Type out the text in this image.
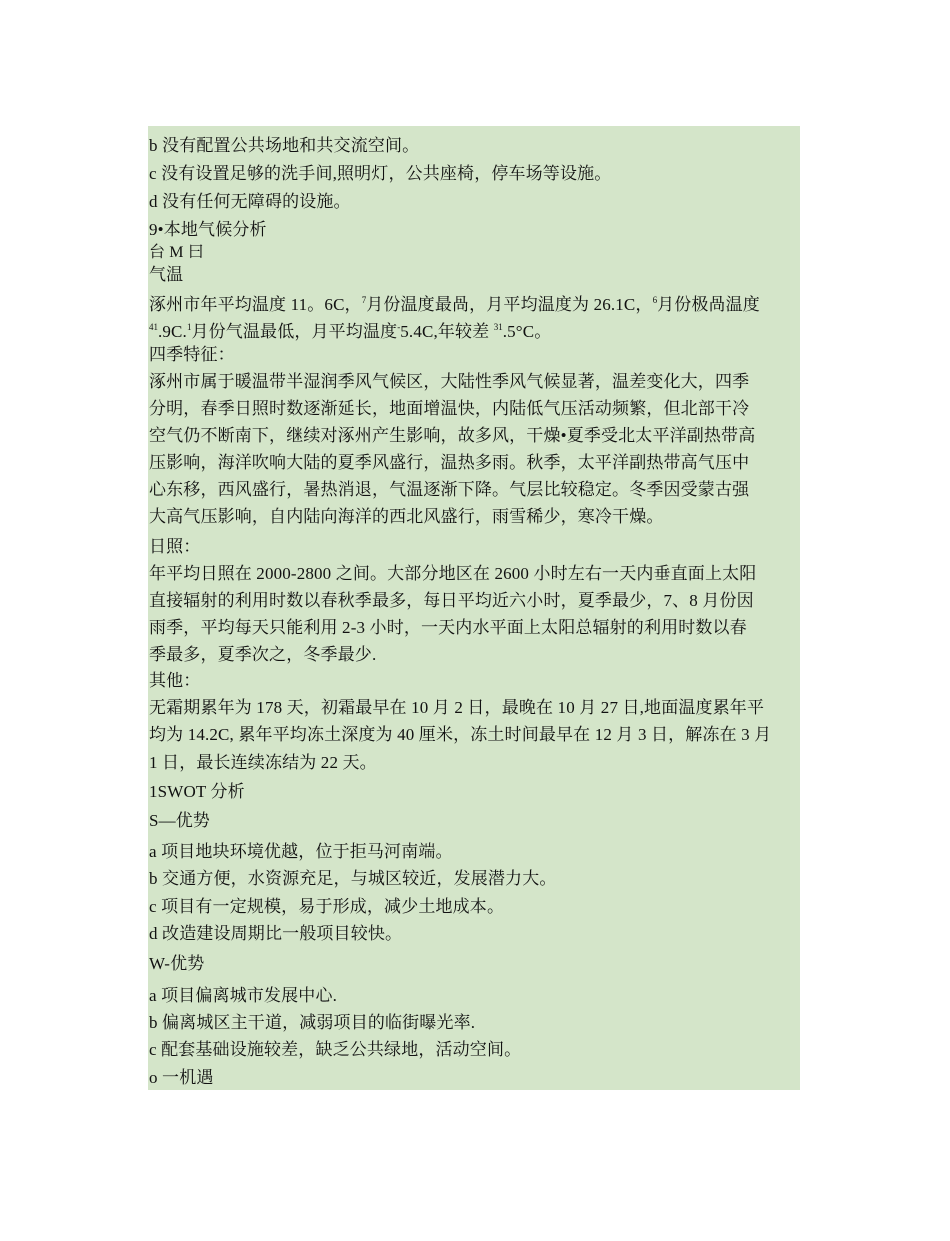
b 没有配置公共场地和共交流空间。
c 没有设置足够的洗手间,照明灯，公共座椅，停车场等设施。
d 没有任何无障碍的设施。
9•本地气候分析
台 M 曰
气温
涿州市年平均温度 11。6C，$^7$月份温度最咼，月平均温度为 26.1C，$^6$月份极咼温度
$^{41}$.9C.$^1$月份气温最低，月平均温度-5.4C,年较差 $^{31}$.5°C。
四季特征：
涿州市属于暖温带半湿润季风气候区，大陆性季风气候显著，温差变化大，四季
分明，春季日照时数逐渐延长，地面增温快，内陆低气压活动频繁，但北部干冷
空气仍不断南下，继续对涿州产生影响，故多风，干燥•夏季受北太平洋副热带高
压影响，海洋吹响大陆的夏季风盛行，温热多雨。秋季，太平洋副热带高气压中
心东移，西风盛行，暑热消退，气温逐渐下降。气层比较稳定。冬季因受蒙古强
大高气压影响，自内陆向海洋的西北风盛行，雨雪稀少，寒冷干燥。
日照：
年平均日照在 2000-2800 之间。大部分地区在 2600 小时左右一天内垂直面上太阳
直接辐射的利用时数以春秋季最多，每日平均近六小时，夏季最少，7、8 月份因
雨季，平均每天只能利用 2-3 小时，一天内水平面上太阳总辐射的利用时数以春
季最多，夏季次之，冬季最少.
其他：
无霜期累年为 178 天，初霜最早在 10 月 2 日，最晚在 10 月 27 日,地面温度累年平
均为 14.2C, 累年平均冻土深度为 40 厘米，冻土时间最早在 12 月 3 日，解冻在 3 月
1 日，最长连续冻结为 22 天。
1SWOT 分析
S—优势
a 项目地块环境优越，位于拒马河南端。
b 交通方便，水资源充足，与城区较近，发展潜力大。
c 项目有一定规模，易于形成，减少土地成本。
d 改造建设周期比一般项目较快。
W-优势
a 项目偏离城市发展中心.
b 偏离城区主干道，减弱项目的临街曝光率.
c 配套基础设施较差，缺乏公共绿地，活动空间。
o 一机遇
